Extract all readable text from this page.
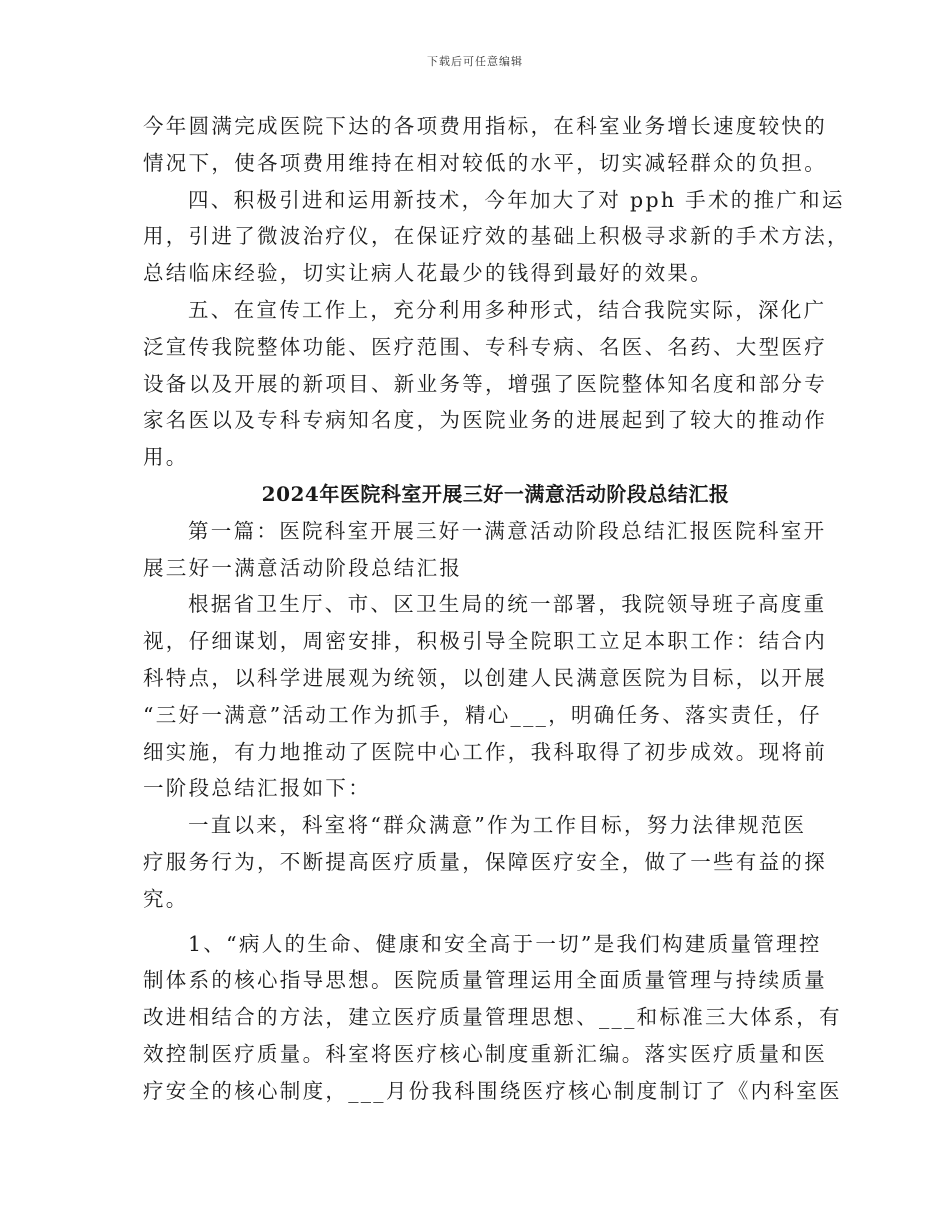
下载后可任意编辑
今年圆满完成医院下达的各项费用指标，在科室业务增长速度较快的
情况下，使各项费用维持在相对较低的水平，切实减轻群众的负担。
四、积极引进和运用新技术，今年加大了对 pph 手术的推广和运
用，引进了微波治疗仪，在保证疗效的基础上积极寻求新的手术方法，
总结临床经验，切实让病人花最少的钱得到最好的效果。
五、在宣传工作上，充分利用多种形式，结合我院实际，深化广
泛宣传我院整体功能、医疗范围、专科专病、名医、名药、大型医疗
设备以及开展的新项目、新业务等，增强了医院整体知名度和部分专
家名医以及专科专病知名度，为医院业务的进展起到了较大的推动作
用。
2024年医院科室开展三好一满意活动阶段总结汇报
第一篇：医院科室开展三好一满意活动阶段总结汇报医院科室开
展三好一满意活动阶段总结汇报
根据省卫生厅、市、区卫生局的统一部署，我院领导班子高度重
视，仔细谋划，周密安排，积极引导全院职工立足本职工作：结合内
科特点，以科学进展观为统领，以创建人民满意医院为目标，以开展
“三好一满意”活动工作为抓手，精心___，明确任务、落实责任，仔
细实施，有力地推动了医院中心工作，我科取得了初步成效。现将前
一阶段总结汇报如下：
一直以来，科室将“群众满意”作为工作目标，努力法律规范医
疗服务行为，不断提高医疗质量，保障医疗安全，做了一些有益的探
究。
1、“病人的生命、健康和安全高于一切”是我们构建质量管理控
制体系的核心指导思想。医院质量管理运用全面质量管理与持续质量
改进相结合的方法，建立医疗质量管理思想、___和标准三大体系，有
效控制医疗质量。科室将医疗核心制度重新汇编。落实医疗质量和医
疗安全的核心制度，___月份我科围绕医疗核心制度制订了《内科室医
